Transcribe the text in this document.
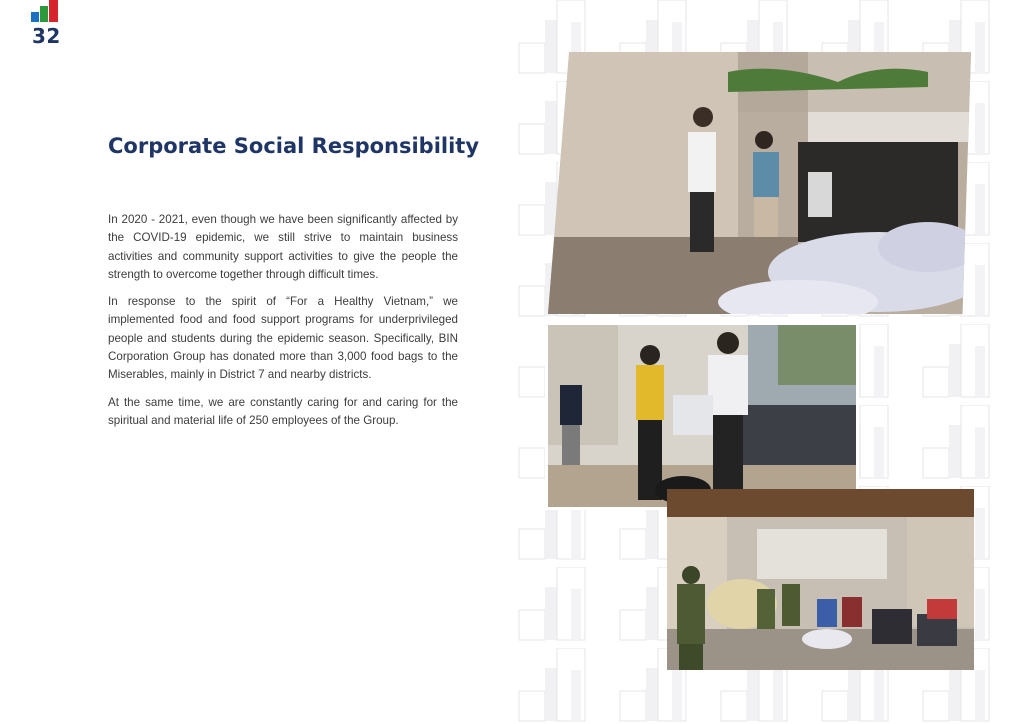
32
Corporate Social Responsibility

In 2020 - 2021, even though we have been significantly affected by the COVID-19 epidemic, we still strive to maintain business activities and community support activities to give the people the strength to overcome together through difficult times.

In response to the spirit of “For a Healthy Vietnam,” we implemented food and food support programs for underprivileged people and students during the epidemic season. Specifically, BIN Corporation Group has donated more than 3,000 food bags to the Miserables, mainly in District 7 and nearby districts.

At the same time, we are constantly caring for and caring for the spiritual and material life of 250 employees of the Group.
